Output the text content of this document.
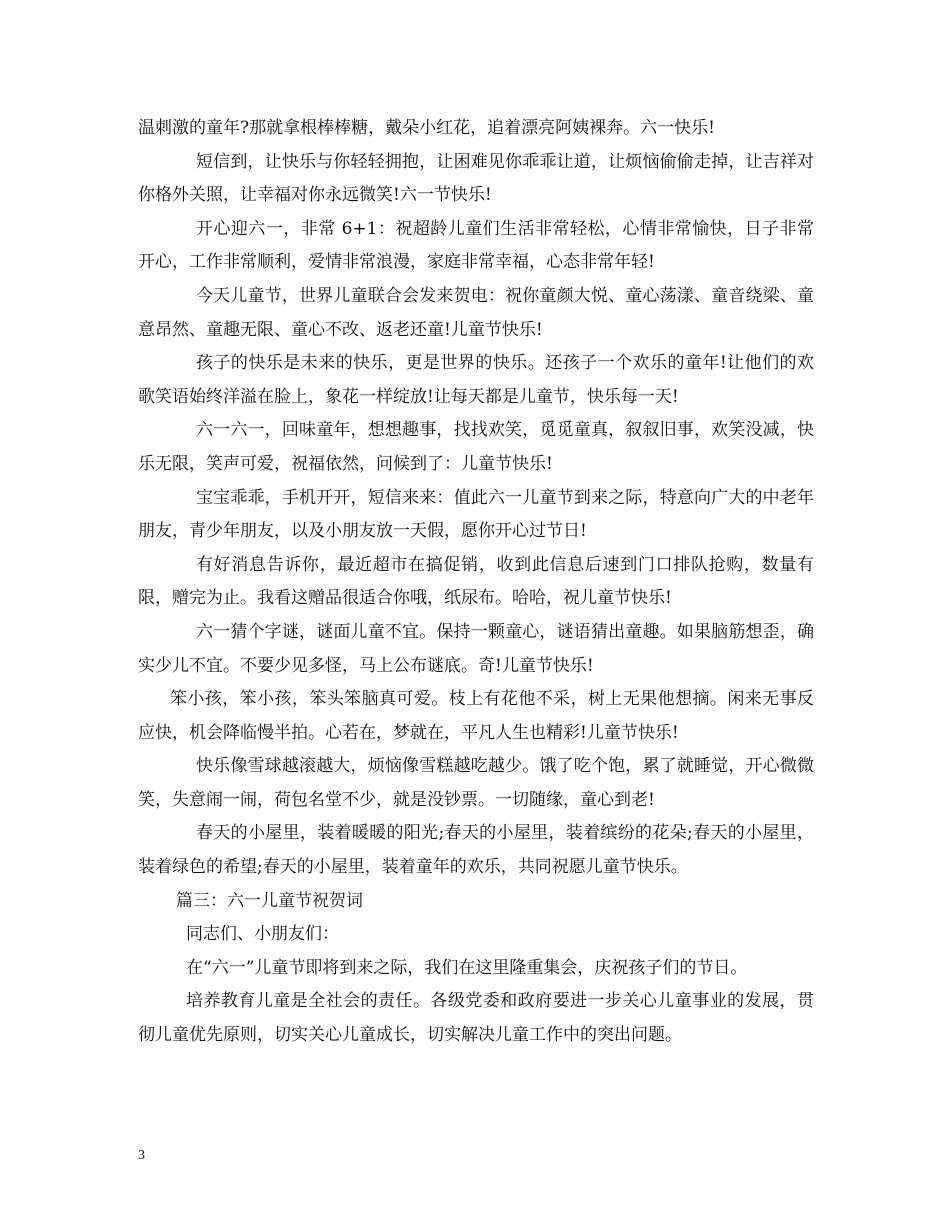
温刺激的童年?那就拿根棒棒糖，戴朵小红花，追着漂亮阿姨裸奔。六一快乐!

短信到，让快乐与你轻轻拥抱，让困难见你乖乖让道，让烦恼偷偷走掉，让吉祥对你格外关照，让幸福对你永远微笑!六一节快乐!

开心迎六一，非常 6+1：祝超龄儿童们生活非常轻松，心情非常愉快，日子非常开心，工作非常顺利，爱情非常浪漫，家庭非常幸福，心态非常年轻!

今天儿童节，世界儿童联合会发来贺电：祝你童颜大悦、童心荡漾、童音绕梁、童意昂然、童趣无限、童心不改、返老还童!儿童节快乐!

孩子的快乐是未来的快乐，更是世界的快乐。还孩子一个欢乐的童年!让他们的欢歌笑语始终洋溢在脸上，象花一样绽放!让每天都是儿童节，快乐每一天!

六一六一，回味童年，想想趣事，找找欢笑，觅觅童真，叙叙旧事，欢笑没减，快乐无限，笑声可爱，祝福依然，问候到了：儿童节快乐!

宝宝乖乖，手机开开，短信来来：值此六一儿童节到来之际，特意向广大的中老年朋友，青少年朋友，以及小朋友放一天假，愿你开心过节日!

有好消息告诉你，最近超市在搞促销，收到此信息后速到门口排队抢购，数量有限，赠完为止。我看这赠品很适合你哦，纸尿布。哈哈，祝儿童节快乐!

六一猜个字谜，谜面儿童不宜。保持一颗童心，谜语猜出童趣。如果脑筋想歪，确实少儿不宜。不要少见多怪，马上公布谜底。奇!儿童节快乐!

笨小孩，笨小孩，笨头笨脑真可爱。枝上有花他不采，树上无果他想摘。闲来无事反应快，机会降临慢半拍。心若在，梦就在，平凡人生也精彩!儿童节快乐!

快乐像雪球越滚越大，烦恼像雪糕越吃越少。饿了吃个饱，累了就睡觉，开心微微笑，失意闹一闹，荷包名堂不少，就是没钞票。一切随缘，童心到老!

春天的小屋里，装着暖暖的阳光;春天的小屋里，装着缤纷的花朵;春天的小屋里，装着绿色的希望;春天的小屋里，装着童年的欢乐，共同祝愿儿童节快乐。

篇三：六一儿童节祝贺词

同志们、小朋友们：

在“六一”儿童节即将到来之际，我们在这里隆重集会，庆祝孩子们的节日。

培养教育儿童是全社会的责任。各级党委和政府要进一步关心儿童事业的发展，贯彻儿童优先原则，切实关心儿童成长，切实解决儿童工作中的突出问题。

3
